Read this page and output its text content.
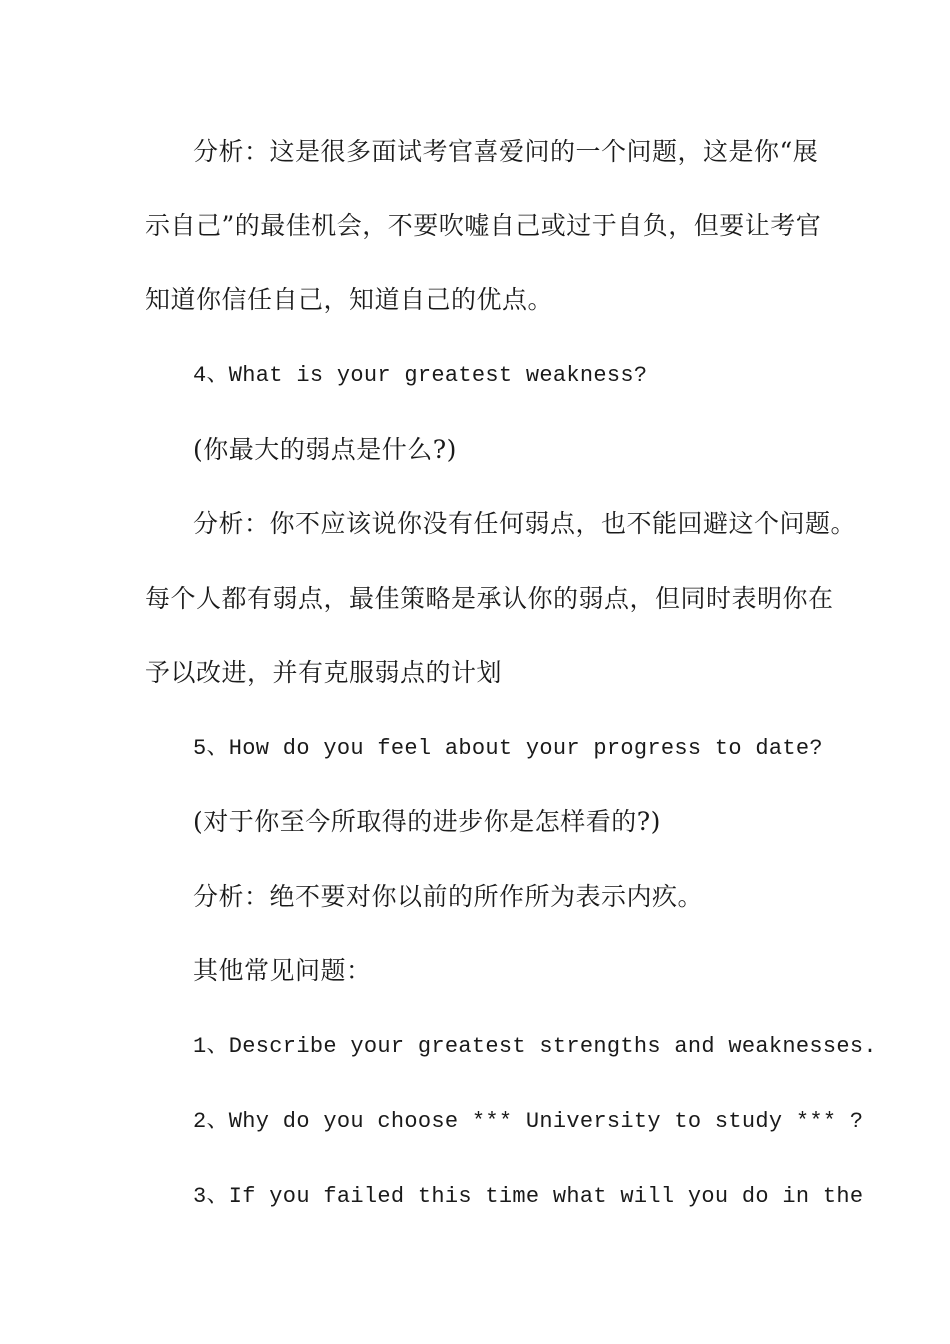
分析：这是很多面试考官喜爱问的一个问题，这是你“展
示自己”的最佳机会，不要吹嘘自己或过于自负，但要让考官
知道你信任自己，知道自己的优点。
4、What is your greatest weakness?
(你最大的弱点是什么?)
分析：你不应该说你没有任何弱点，也不能回避这个问题。
每个人都有弱点，最佳策略是承认你的弱点，但同时表明你在
予以改进，并有克服弱点的计划
5、How do you feel about your progress to date?
(对于你至今所取得的进步你是怎样看的?)
分析：绝不要对你以前的所作所为表示内疚。
其他常见问题：
1、Describe your greatest strengths and weaknesses.
2、Why do you choose *** University to study *** ?
3、If you failed this time what will you do in the
